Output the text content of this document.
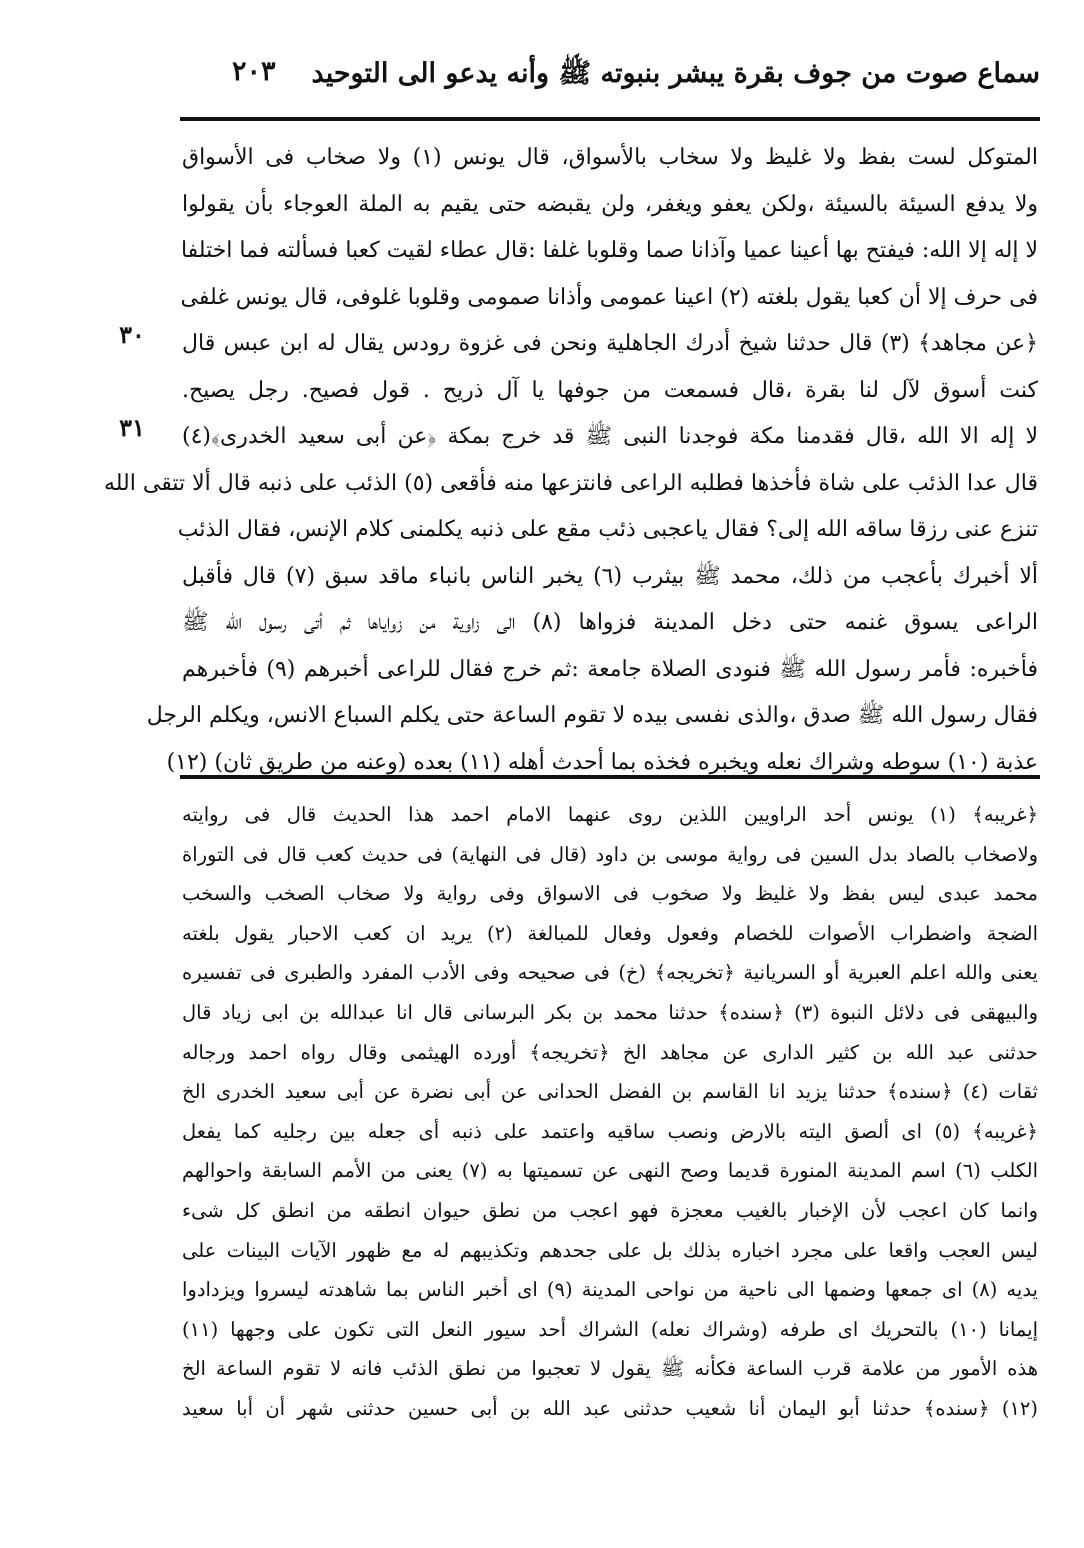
سماع صوت من جوف بقرة يبشر بنبوته ﷺ وأنه يدعو الى التوحيد
٢٠٣
٣٠
٣١
المتوكل لست بفظ ولا غليظ ولا سخاب بالأسواق، قال يونس (١) ولا صخاب فى الأسواق
ولا يدفع السيئة بالسيئة ،ولكن يعفو ويغفر، ولن يقبضه حتى يقيم به الملة العوجاء بأن يقولوا
لا إله إلا الله: فيفتح بها أعينا عميا وآذانا صما وقلوبا غلفا :قال عطاء لقيت كعبا فسألته فما اختلفا
فى حرف إلا أن كعبا يقول بلغته (٢) اعينا عمومى وأذانا صمومى وقلوبا غلوفى، قال يونس غلفى
﴿عن مجاهد﴾ (٣) قال حدثنا شيخ أدرك الجاهلية ونحن فى غزوة رودس يقال له ابن عبس قال
كنت أسوق لآل لنا بقرة ،قال فسمعت من جوفها يا آل ذريح . قول فصيح. رجل يصيح.
لا إله الا الله ،قال فقدمنا مكة فوجدنا النبى ﷺ قد خرج بمكة ﴿عن أبى سعيد الخدرى﴾(٤)
قال عدا الذئب على شاة فأخذها فطلبه الراعى فانتزعها منه فأقعى (٥) الذئب على ذنبه قال ألا تتقى الله
تنزع عنى رزقا ساقه الله إلى؟ فقال ياعجبى ذئب مقع على ذنبه يكلمنى كلام الإنس، فقال الذئب
ألا أخبرك بأعجب من ذلك، محمد ﷺ بيثرب (٦) يخبر الناس بانباء ماقد سبق (٧) قال فأقبل
الراعى يسوق غنمه حتى دخل المدينة فزواها (٨) الى زاوية من زواياها ثم أتى رسول الله ﷺ
فأخبره: فأمر رسول الله ﷺ فنودى الصلاة جامعة :ثم خرج فقال للراعى أخبرهم (٩) فأخبرهم
فقال رسول الله ﷺ صدق ،والذى نفسى بيده لا تقوم الساعة حتى يكلم السباع الانس، ويكلم الرجل
عذبة (١٠) سوطه وشراك نعله ويخبره فخذه بما أحدث أهله (١١) بعده (وعنه من طريق ثان) (١٢)
﴿غريبه﴾ (١) يونس أحد الراويين اللذين روى عنهما الامام احمد هذا الحديث قال فى روايته
ولاصخاب بالصاد بدل السين فى رواية موسى بن داود (قال فى النهاية) فى حديث كعب قال فى التوراة
محمد عبدى ليس بفظ ولا غليظ ولا صخوب فى الاسواق وفى رواية ولا صخاب الصخب والسخب
الضجة واضطراب الأصوات للخصام وفعول وفعال للمبالغة (٢) يريد ان كعب الاحبار يقول بلغته
يعنى والله اعلم العبرية أو السريانية ﴿تخريجه﴾ (خ) فى صحيحه وفى الأدب المفرد والطبرى فى تفسيره
والبيهقى فى دلائل النبوة (٣) ﴿سنده﴾ حدثنا محمد بن بكر البرسانى قال انا عبدالله بن ابى زياد قال
حدثنى عبد الله بن كثير الدارى عن مجاهد الخ ﴿تخريجه﴾ أورده الهيثمى وقال رواه احمد ورجاله
ثقات (٤) ﴿سنده﴾ حدثنا يزيد انا القاسم بن الفضل الحدانى عن أبى نضرة عن أبى سعيد الخدرى الخ
﴿غريبه﴾ (٥) اى ألصق اليته بالارض ونصب ساقيه واعتمد على ذنبه أى جعله بين رجليه كما يفعل
الكلب (٦) اسم المدينة المنورة قديما وصح النهى عن تسميتها به (٧) يعنى من الأمم السابقة واحوالهم
وانما كان اعجب لأن الإخبار بالغيب معجزة فهو اعجب من نطق حيوان انطقه من انطق كل شىء
ليس العجب واقعا على مجرد اخباره بذلك بل على جحدهم وتكذيبهم له مع ظهور الآيات البينات على
يديه (٨) اى جمعها وضمها الى ناحية من نواحى المدينة (٩) اى أخبر الناس بما شاهدته ليسروا ويزدادوا
إيمانا (١٠) بالتحريك اى طرفه (وشراك نعله) الشراك أحد سيور النعل التى تكون على وجهها (١١)
هذه الأمور من علامة قرب الساعة فكأنه ﷺ يقول لا تعجبوا من نطق الذئب فانه لا تقوم الساعة الخ
(١٢) ﴿سنده﴾ حدثنا أبو اليمان أنا شعيب حدثنى عبد الله بن أبى حسين حدثنى شهر أن أبا سعيد
